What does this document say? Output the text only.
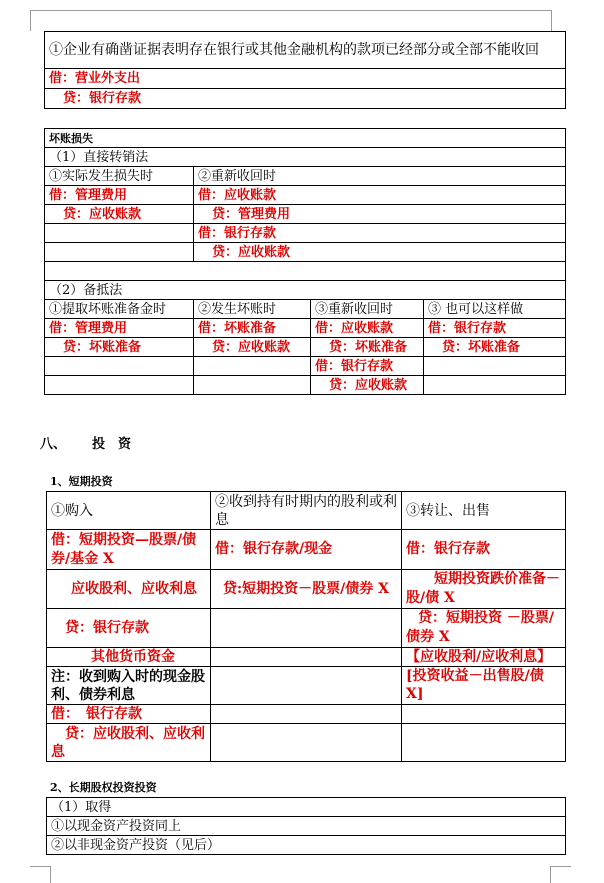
①企业有确凿证据表明存在银行或其他金融机构的款项已经部分或全部不能收回
借：营业外支出
贷：银行存款
坏账损失			
（1）直接转销法			
①实际发生损失时	②重新收回时		
借：管理费用	借：应收账款		
贷：应收账款	贷：管理费用		
	借：银行存款		
	贷：应收账款		

（2）备抵法			
①提取坏账准备金时	②发生坏账时	③重新收回时	③ 也可以这样做
借：管理费用	借：坏账准备	借：应收账款	借：银行存款
贷：坏账准备	贷：应收账款	贷：坏账准备	贷：坏账准备
		借：银行存款	
		贷：应收账款	
八、 投　资
1、短期投资
①购入	②收到持有时期内的股利或利息	③转让、出售
借：短期投资—股票/债券/基金 X	借：银行存款/现金	借：银行存款
应收股利、应收利息	贷:短期投资－股票/债券 X	短期投资跌价准备－股/债 X
贷：银行存款		贷：短期投资 －股票/债券 X
其他货币资金		【应收股利/应收利息】
注：收到购入时的现金股利、债券利息		[投资收益－出售股/债X]
借：　银行存款		
贷：应收股利、应收利息		
2、长期股权投资投资
（1）取得
①以现金资产投资同上
②以非现金资产投资（见后）
